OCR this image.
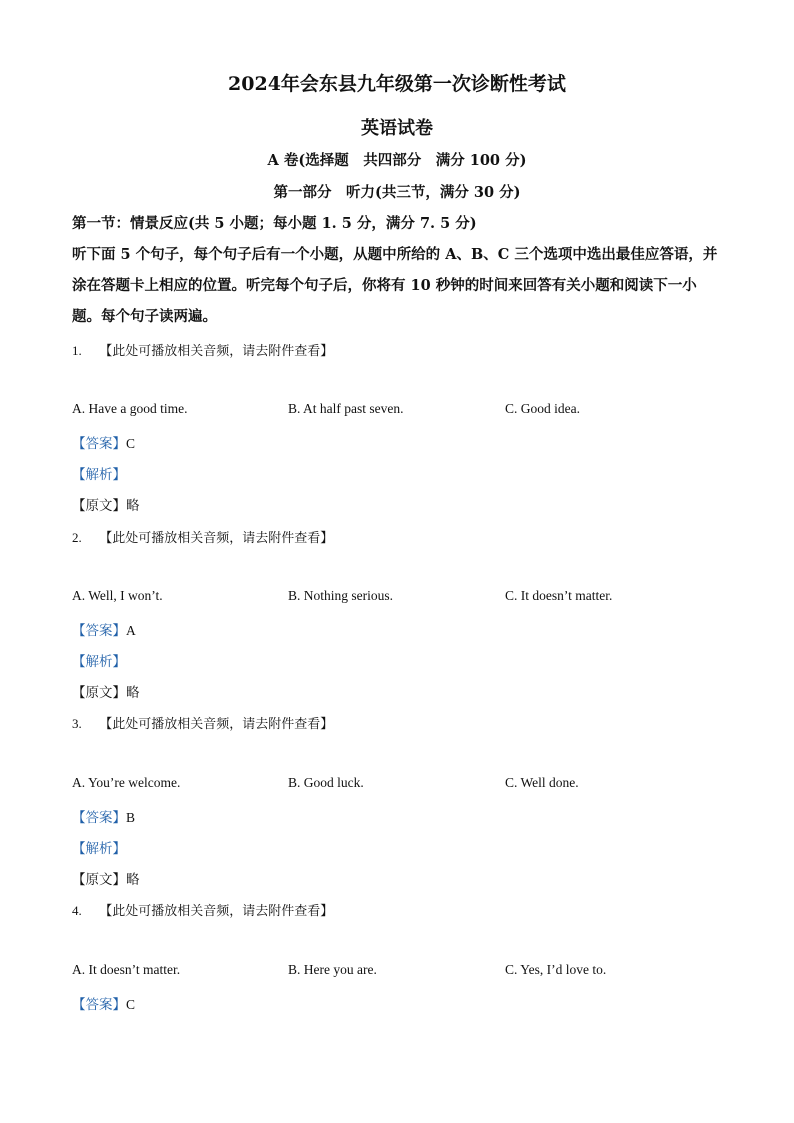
2024年会东县九年级第一次诊断性考试
英语试卷
A 卷(选择题　共四部分　满分 100 分)
第一部分　听力(共三节，满分 30 分)
第一节：情景反应(共 5 小题；每小题 1. 5 分，满分 7. 5 分)
听下面 5 个句子，每个句子后有一个小题，从题中所给的 A、B、C 三个选项中选出最佳应答语，并涂在答题卡上相应的位置。听完每个句子后，你将有 10 秒钟的时间来回答有关小题和阅读下一小题。每个句子读两遍。
1. 【此处可播放相关音频，请去附件查看】
A. Have a good time.	B. At half past seven.	C. Good idea.
【答案】C
【解析】
【原文】略
2. 【此处可播放相关音频，请去附件查看】
A. Well, I won’t.	B. Nothing serious.	C. It doesn’t matter.
【答案】A
【解析】
【原文】略
3. 【此处可播放相关音频，请去附件查看】
A. You’re welcome.	B. Good luck.	C. Well done.
【答案】B
【解析】
【原文】略
4. 【此处可播放相关音频，请去附件查看】
A. It doesn’t matter.	B. Here you are.	C. Yes, I’d love to.
【答案】C
